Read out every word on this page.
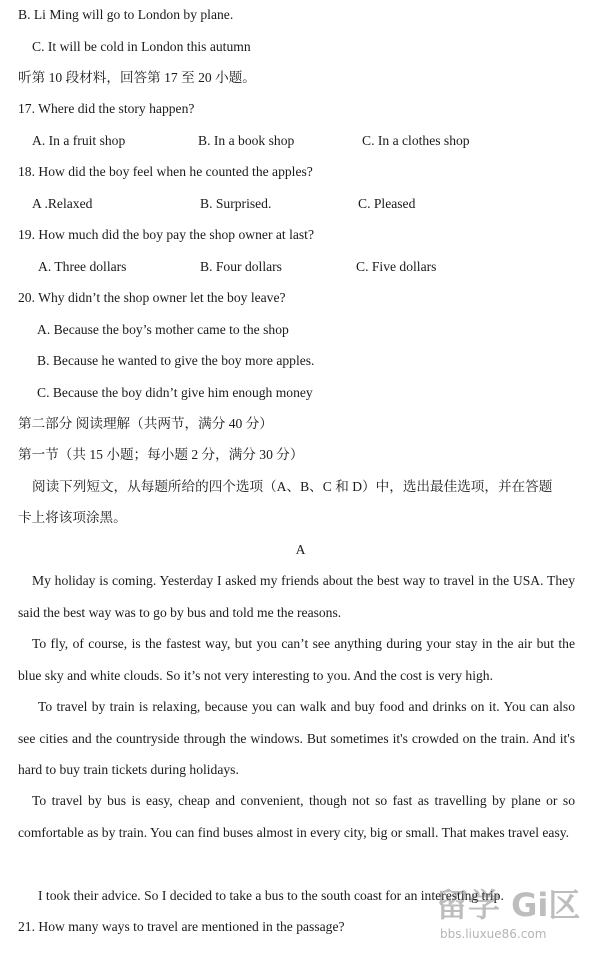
B. Li Ming will go to London by plane.
C. It will be cold in London this autumn
听第 10 段材料，回答第 17 至 20 小题。
17. Where did the story happen?
A. In a fruit shop	B. In a book shop	C. In a clothes shop
18. How did the boy feel when he counted the apples?
A .Relaxed	B. Surprised.	C. Pleased
19. How much did the boy pay the shop owner at last?
A. Three dollars	B. Four dollars	C. Five dollars
20. Why didn’t the shop owner let the boy leave?
A. Because the boy’s mother came to the shop
B. Because he wanted to give the boy more apples.
C. Because the boy didn’t give him enough money
第二部分 阅读理解（共两节，满分 40 分）
第一节（共 15 小题；每小题 2 分，满分 30 分）
阅读下列短文，从每题所给的四个选项（A、B、C 和 D）中，选出最佳选项，并在答题
卡上将该项涂黑。
A
My holiday is coming. Yesterday I asked my friends about the best way to travel in the USA. They said the best way was to go by bus and told me the reasons.
To fly, of course, is the fastest way, but you can’t see anything during your stay in the air but the blue sky and white clouds. So it’s not very interesting to you. And the cost is very high.
To travel by train is relaxing, because you can walk and buy food and drinks on it. You can also see cities and the countryside through the windows. But sometimes it's crowded on the train. And it's hard to buy train tickets during holidays.
To travel by bus is easy, cheap and convenient, though not so fast as travelling by plane or so comfortable as by train. You can find buses almost in every city, big or small. That makes travel easy.
I took their advice. So I decided to take a bus to the south coast for an interesting trip.
21. How many ways to travel are mentioned in the passage?
留学 Gi区
bbs.liuxue86.com
